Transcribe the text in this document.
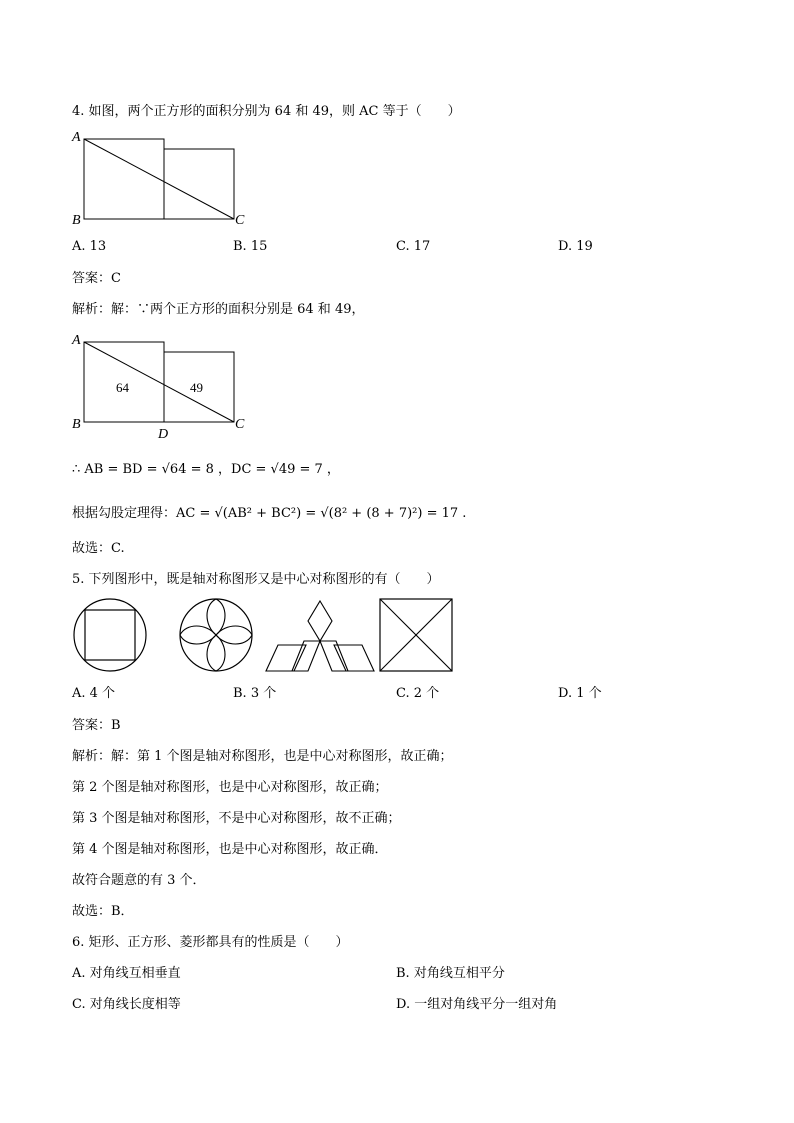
4. 如图，两个正方形的面积分别为 64 和 49，则 AC 等于（　　）
A
B	C
A. 13	B. 15	C. 17	D. 19
答案：C
解析：解：∵两个正方形的面积分别是 64 和 49，
A
B	C
D
64	49
∴ AB = BD = √64 = 8 ，DC = √49 = 7 ，
根据勾股定理得：AC = √(AB² + BC²) = √(8² + (8 + 7)²) = 17 .
故选：C.
5. 下列图形中，既是轴对称图形又是中心对称图形的有（　　）
A. 4 个	B. 3 个	C. 2 个	D. 1 个
答案：B
解析：解：第 1 个图是轴对称图形，也是中心对称图形，故正确；
第 2 个图是轴对称图形，也是中心对称图形，故正确；
第 3 个图是轴对称图形，不是中心对称图形，故不正确；
第 4 个图是轴对称图形，也是中心对称图形，故正确．
故符合题意的有 3 个．
故选：B．
6. 矩形、正方形、菱形都具有的性质是（　　）
A. 对角线互相垂直	B. 对角线互相平分
C. 对角线长度相等	D. 一组对角线平分一组对角
